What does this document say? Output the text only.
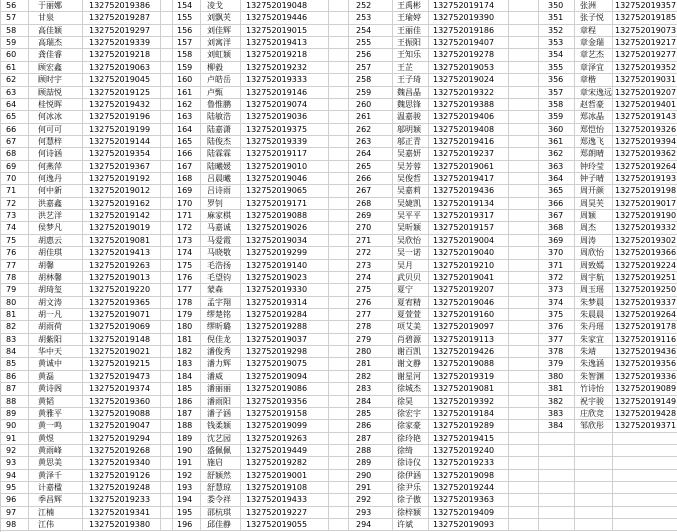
56	于丽娜	132752019386	154	凌戈	132752019048	252	王禹彬	132752019174	350	张洲	132752019357
57	甘泉	132752019287	155	刘飘芙	132752019446	253	王瑜婷	132752019390	351	张子悦	132752019185
58	高佳颖	132752019297	156	刘佳辉	132752019015	254	王丽佳	132752019186	352	章程	132752019073
59	高瑞杰	132752019339	157	刘寓洋	132752019413	255	王振阳	132752019407	353	章金瑞	132752019217
60	龚佳睿	132752019218	158	刘虹颖	132752019218	256	王知乐	132752019278	354	章艺杰	132752019277
61	顾宏鑫	132752019063	159	柳毅	132752019232	257	王芷	132752019053	355	章泽宜	132752019352
62	顾时宇	132752019045	160	卢皓岳	132752019333	258	王子琦	132752019024	356	章楷	132752019031
63	顾喆悦	132752019125	161	卢甄	132752019146	259	魏昌晶	132752019322	357	章宋逸远 132752019207
64	桂悦晖	132752019432	162	鲁惟鹏	132752019074	260	魏思锋	132752019388	358	赵哲豪	132752019401
65	何冰冰	132752019196	163	陆敏浩	132752019036	261	温嘉骏	132752019406	359	郑冰晶	132752019143
66	何可可	132752019199	164	陆嘉潇	132752019375	262	邬明颖	132752019408	360	郑恺怡	132752019326
67	何慧梓	132752019144	165	陆俊杰	132752019339	263	邬正青	132752019416	361	郑逸飞	132752019394
68	何诗涵	132752019354	166	陆霖霖	132752019117	264	吴嘉妍	132752019237	362	郑朗晴	132752019362
69	何燕萍	132752019367	167	陆曦媛	132752019010	265	吴芳蓉	132752019061	363	钟玲莹	132752019264
70	何逸丹	132752019192	168	吕晨曦	132752019046	266	吴俊哲	132752019417	364	钟子晴	132752019193
71	何中新	132752019012	169	吕诗雨	132752019065	267	吴嘉莉	132752019436	365	周开颜	132752019198
72	洪嘉鑫	132752019162	170	罗钊	132752019171	268	吴婕凯	132752019134	366	周昊芙	132752019017
73	洪艺洋	132752019142	171	麻家棋	132752019088	269	吴平平	132752019317	367	周颖	132752019190
74	侯梦凡	132752019019	172	马嘉诚	132752019026	270	吴昕颖	132752019157	368	周杰	132752019332
75	胡惠云	132752019081	173	马爱霞	132752019034	271	吴欣怡	132752019004	369	周涛	132752019302
76	胡佳琪	132752019413	174	马晓敬	132752019299	272	吴一诺	132752019040	370	周欣怡	132752019366
77	胡馨	132752019263	175	毛浩扬	132752019140	273	吴月	132752019210	371	周致嫣	132752019224
78	胡林馨	132752019013	176	毛望钧	132752019023	274	武贝贝	132752019041	372	周宇航	132752019251
79	胡琦玺	132752019220	177	蒙森	132752019330	275	夏宁	132752019207	373	周玉瑶	132752019250
80	胡文涛	132752019365	178	孟宇翔	132752019314	276	夏宥精	132752019046	374	朱梦晨	132752019337
81	胡一凡	132752019071	179	缪楚铭	132752019284	277	夏萱萱	132752019160	375	朱晨晨	132752019264
82	胡雨荷	132752019069	180	缪昕璐	132752019288	278	项艾美	132752019097	376	朱丹瑶	132752019178
83	胡紫阳	132752019148	181	倪佳龙	132752019037	279	肖碧源	132752019113	377	朱家宜	132752019116
84	华中天	132752019021	182	潘俊秀	132752019298	280	谢百凯	132752019426	378	朱靖	132752019436
85	黄诚中	132752019215	183	潘力辉	132752019075	281	谢文静	132752019088	379	朱逸涵	132752019356
86	黄磊	132752019473	184	潘威	132752019094	282	谢星河	132752019319	380	朱智渊	132752019336
87	黄诗阁	132752019374	185	潘丽丽	132752019086	283	徐城杰	132752019081	381	竹诗怡	132752019089
88	黄韬	132752019360	186	潘雨阳	132752019356	284	徐昊	132752019392	382	祝宇骏	132752019149
89	黄雅平	132752019088	187	潘子涵	132752019158	285	徐宏宇	132752019184	383	庄欣竞	132752019428
90	黄一鸣	132752019047	188	钱柔颖	132752019099	286	徐家豪	132752019289	384	邹欣彤	132752019371
91	黄煜	132752019294	189	沈艺园	132752019263	287	徐玲艳	132752019415
92	黄雨峰	132752019268	190	盛佩佩	132752019449	288	徐绮	132752019240
93	黄思美	132752019340	191	施启	132752019282	289	徐诗仪	132752019233
94	黄泽千	132752019126	192	舒颖然	132752019001	290	徐伊涵	132752019098
95	计嘉楹	132752019248	193	舒慧琼	132752019108	291	徐尹乐	132752019244
96	季昌辉	132752019233	194	娄令祥	132752019433	292	徐子傲	132752019363
97	江楠	132752019341	195	邵杭琪	132752019227	293	徐梓颖	132752019409
98	江伟	132752019380	196	邱佳静	132752019055	294	许斌	132752019093
